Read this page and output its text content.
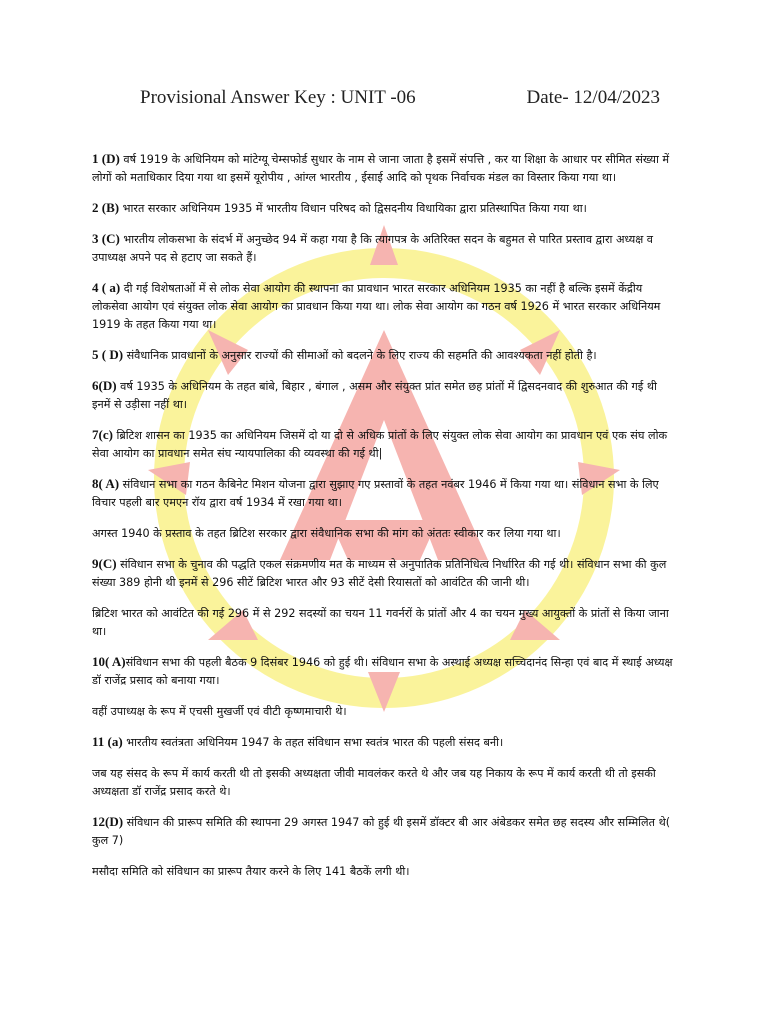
Provisional Answer Key : UNIT -06	Date- 12/04/2023

1 (D) वर्ष 1919 के अधिनियम को मांटेग्यू चेम्सफोर्ड सुधार के नाम से जाना जाता है इसमें संपत्ति , कर या शिक्षा के आधार पर सीमित संख्या में लोगों को मताधिकार दिया गया था इसमें यूरोपीय , आंग्ल भारतीय , ईसाई आदि को पृथक निर्वाचक मंडल का विस्तार किया गया था।

2 (B) भारत सरकार अधिनियम 1935 में भारतीय विधान परिषद को द्विसदनीय विधायिका द्वारा प्रतिस्थापित किया गया था।

3 (C) भारतीय लोकसभा के संदर्भ में अनुच्छेद 94 में कहा गया है कि त्यागपत्र के अतिरिक्त सदन के बहुमत से पारित प्रस्ताव द्वारा अध्यक्ष व उपाध्यक्ष अपने पद से हटाए जा सकते हैं।

4 ( a) दी गई विशेषताओं में से लोक सेवा आयोग की स्थापना का प्रावधान भारत सरकार अधिनियम 1935 का नहीं है बल्कि इसमें केंद्रीय लोकसेवा आयोग एवं संयुक्त लोक सेवा आयोग का प्रावधान किया गया था। लोक सेवा आयोग का गठन वर्ष 1926 में भारत सरकार अधिनियम 1919 के तहत किया गया था।

5 ( D) संवैधानिक प्रावधानों के अनुसार राज्यों की सीमाओं को बदलने के लिए राज्य की सहमति की आवश्यकता नहीं होती है।

6(D) वर्ष 1935 के अधिनियम के तहत बांबे, बिहार , बंगाल , असम और संयुक्त प्रांत समेत छह प्रांतों में द्विसदनवाद की शुरुआत की गई थी इनमें से उड़ीसा नहीं था।

7(c) ब्रिटिश शासन का 1935 का अधिनियम जिसमें दो या दो से अधिक प्रांतों के लिए संयुक्त लोक सेवा आयोग का प्रावधान एवं एक संघ लोक सेवा आयोग का प्रावधान समेत संघ न्यायपालिका की व्यवस्था की गई थी|

8( A) संविधान सभा का गठन कैबिनेट मिशन योजना द्वारा सुझाए गए प्रस्तावों के तहत नवंबर 1946 में किया गया था। संविधान सभा के लिए विचार पहली बार एमएन रॉय द्वारा वर्ष 1934 में रखा गया था।

अगस्त 1940 के प्रस्ताव के तहत ब्रिटिश सरकार द्वारा संवैधानिक सभा की मांग को अंततः स्वीकार कर लिया गया था।

9(C) संविधान सभा के चुनाव की पद्धति एकल संक्रमणीय मत के माध्यम से अनुपातिक प्रतिनिधित्व निर्धारित की गई थी। संविधान सभा की कुल संख्या 389 होनी थी इनमें से 296 सीटें ब्रिटिश भारत और 93 सीटें देसी रियासतों को आवंटित की जानी थी।

ब्रिटिश भारत को आवंटित की गई 296 में से 292 सदस्यों का चयन 11 गवर्नरों के प्रांतों और 4 का चयन मुख्य आयुक्तों के प्रांतों से किया जाना था।

10( A)संविधान सभा की पहली बैठक 9 दिसंबर 1946 को हुई थी। संविधान सभा के अस्थाई अध्यक्ष सच्चिदानंद सिन्हा एवं बाद में स्थाई अध्यक्ष डॉ राजेंद्र प्रसाद को बनाया गया।

वहीं उपाध्यक्ष के रूप में एचसी मुखर्जी एवं वीटी कृष्णमाचारी थे।

11 (a) भारतीय स्वतंत्रता अधिनियम 1947 के तहत संविधान सभा स्वतंत्र भारत की पहली संसद बनी।

जब यह संसद के रूप में कार्य करती थी तो इसकी अध्यक्षता जीवी मावलंकर करते थे और जब यह निकाय के रूप में कार्य करती थी तो इसकी अध्यक्षता डॉ राजेंद्र प्रसाद करते थे।

12(D) संविधान की प्रारूप समिति की स्थापना 29 अगस्त 1947 को हुई थी इसमें डॉक्टर बी आर अंबेडकर समेत छह सदस्य और सम्मिलित थे( कुल 7)

मसौदा समिति को संविधान का प्रारूप तैयार करने के लिए 141 बैठकें लगी थी।
